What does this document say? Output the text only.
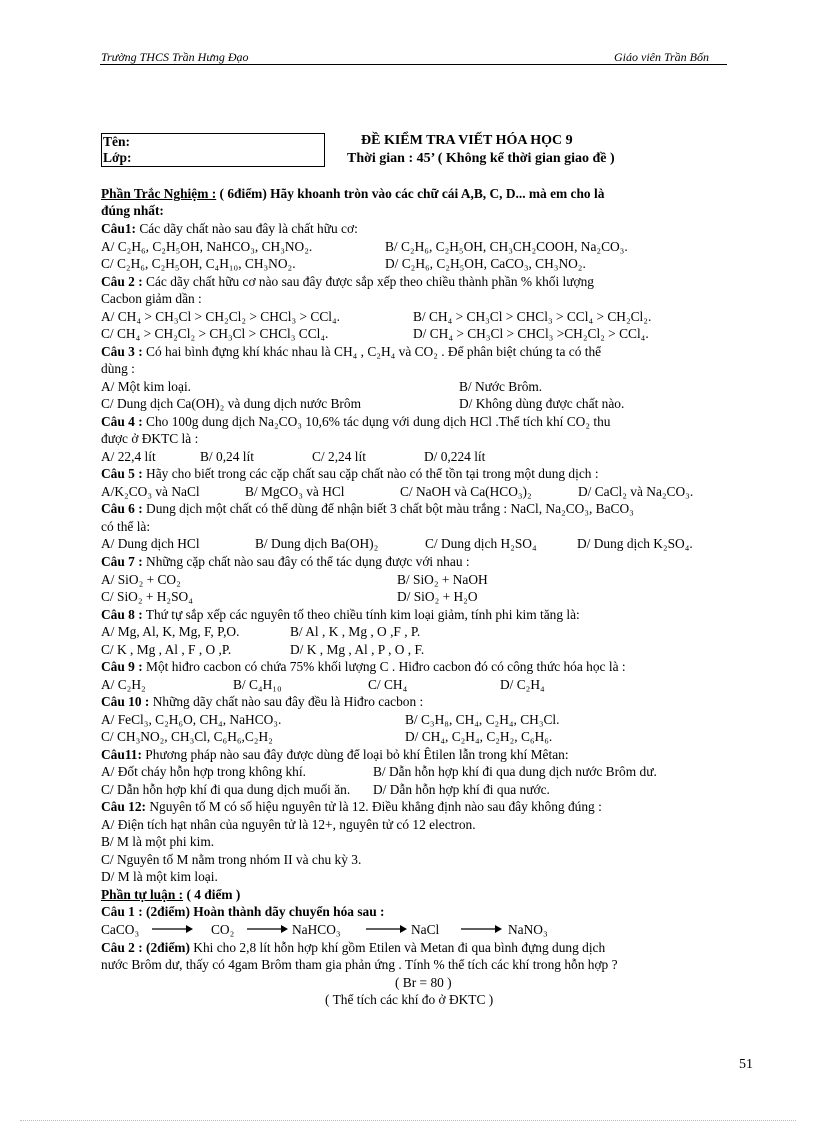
Trường THCS Trần Hưng Đạo	Giáo viên Trần Bốn
Tên:
Lớp:
ĐỀ KIỂM TRA VIẾT HÓA HỌC 9
Thời gian : 45’ ( Không kể thời gian giao đề )
Phần Trắc Nghiệm : ( 6điểm) Hãy khoanh tròn vào các chữ cái A,B, C, D... mà em cho là
đúng nhất:
Câu1: Các dãy chất nào sau đây là chất hữu cơ:
A/ C₂H₆, C₂H₅OH, NaHCO₃, CH₃NO₂.	B/ C₂H₆, C₂H₅OH, CH₃CH₂COOH, Na₂CO₃.
C/ C₂H₆, C₂H₅OH, C₄H₁₀, CH₃NO₂.	D/ C₂H₆, C₂H₅OH, CaCO₃, CH₃NO₂.
Câu 2 : Các dãy chất hữu cơ nào sau đây được sắp xếp theo chiều thành phần % khối lượng
Cacbon giảm dần :
A/ CH₄ > CH₃Cl > CH₂Cl₂ > CHCl₃ > CCl₄.	B/ CH₄ > CH₃Cl > CHCl₃ > CCl₄ > CH₂Cl₂.
C/ CH₄ > CH₂Cl₂ > CH₃Cl > CHCl₃ CCl₄.	D/ CH₄ > CH₃Cl > CHCl₃ >CH₂Cl₂ > CCl₄.
Câu 3 : Có hai bình đựng khí khác nhau là CH₄ , C₂H₄ và CO₂ . Để phân biệt chúng ta có thể
dùng :
A/ Một kim loại.	B/ Nước Brôm.
C/ Dung dịch Ca(OH)₂ và dung dịch nước Brôm	D/ Không dùng được chất nào.
Câu 4 : Cho 100g dung dịch Na₂CO₃ 10,6% tác dụng với dung dịch HCl .Thể tích khí CO₂ thu
được ở ĐKTC là :
A/ 22,4 lít	B/ 0,24 lít	C/ 2,24 lít	D/ 0,224 lít
Câu 5 : Hãy cho biết trong các cặp chất sau cặp chất nào có thể tồn tại trong một dung dịch :
A/K₂CO₃ và NaCl	B/ MgCO₃ và HCl	C/ NaOH và Ca(HCO₃)₂	D/ CaCl₂ và Na₂CO₃.
Câu 6 : Dung dịch một chất có thể dùng để nhận biết 3 chất bột màu trắng : NaCl, Na₂CO₃, BaCO₃
có thể là:
A/ Dung dịch HCl	B/ Dung dịch Ba(OH)₂	C/ Dung dịch H₂SO₄	D/ Dung dịch K₂SO₄.
Câu 7 : Những cặp chất nào sau đây có thể tác dụng được với nhau :
A/ SiO₂ + CO₂	B/ SiO₂ + NaOH
C/ SiO₂ + H₂SO₄	D/ SiO₂ + H₂O
Câu 8 : Thứ tự sắp xếp các nguyên tố theo chiều tính kim loại giảm, tính phi kim tăng là:
A/ Mg, Al, K, Mg, F, P,O.	B/ Al , K , Mg , O ,F , P.
C/ K , Mg , Al , F , O ,P.	D/ K , Mg , Al , P , O , F.
Câu 9 : Một hiđro cacbon có chứa 75% khối lượng C . Hiđro cacbon đó có công thức hóa học là :
A/ C₂H₂	B/ C₄H₁₀	C/ CH₄	D/ C₂H₄
Câu 10 : Những dãy chất nào sau đây đều là Hiđro cacbon :
A/ FeCl₃, C₂H₆O, CH₄, NaHCO₃.	B/ C₃H₈, CH₄, C₂H₄, CH₃Cl.
C/ CH₃NO₂, CH₃Cl, C₆H₆,C₂H₂	D/ CH₄, C₂H₄, C₂H₂, C₆H₆.
Câu11: Phương pháp nào sau đây được dùng để loại bỏ khí Êtilen lẫn trong khí Mêtan:
A/ Đốt cháy hỗn hợp trong không khí.	B/ Dẫn hỗn hợp khí đi qua dung dịch nước Brôm dư.
C/ Dẫn hỗn hợp khí đi qua dung dịch muối ăn. D/ Dẫn hỗn hợp khí đi qua nước.
Câu 12: Nguyên tố M có số hiệu nguyên tử là 12. Điều khẳng định nào sau đây không đúng :
A/ Điện tích hạt nhân của nguyên tử là 12+, nguyên tử có 12 electron.
B/ M là một phi kim.
C/ Nguyên tố M nằm trong nhóm II và chu kỳ 3.
D/ M là một kim loại.
Phần tự luận : ( 4 điểm )
Câu 1 : (2điểm) Hoàn thành dãy chuyển hóa sau :
CaCO₃	CO₂	NaHCO₃	NaCl	NaNO₃
Câu 2 : (2điểm) Khi cho 2,8 lít hỗn hợp khí gồm Etilen và Metan đi qua bình đựng dung dịch
nước Brôm dư, thấy có 4gam Brôm tham gia phản ứng . Tính % thể tích các khí trong hỗn hợp ?
( Br = 80 )
( Thể tích các khí đo ở ĐKTC )
51
